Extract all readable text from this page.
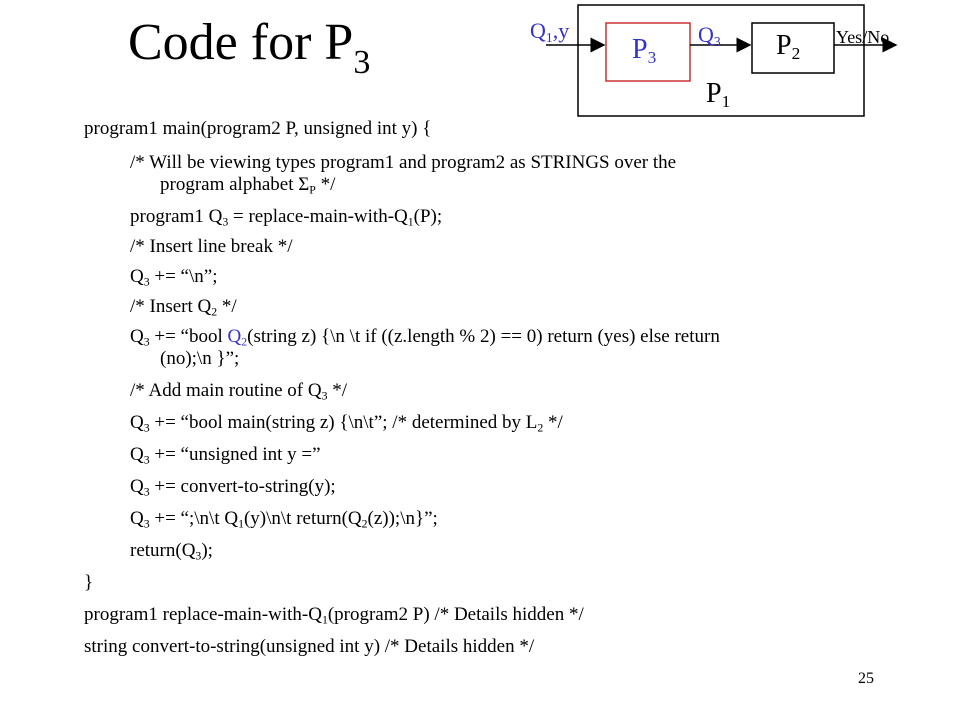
Code for $P_3$
$Q_1,y$	$Q_3$
$P_3$	$P_2$
$P_1$
Yes/No
program1 main(program2 P, unsigned int y) {
/* Will be viewing types program1 and program2 as STRINGS over the
program alphabet $\Sigma_P$ */
program1 $Q_3$ = replace-$main-with-Q_1(P)$;
/* Insert line break */
$Q_3$ += “\n”;
/* Insert $Q_2$ */
$Q_3$ += “bool $Q_2(string$ z) {\n \t if ((z.length % 2) == 0) return (yes) else return
(no);\n }”;
/* Add main routine of $Q_3$ */
$Q_3$ += “bool main(string z) {\n\t”; /* determined by $L_2$ */
$Q_3$ += “unsigned int y =”
$Q_3$ += convert-to-string(y);
$Q_3$ += “;\n\t $Q_1(y)\backslash n\backslash t$ $return(Q_2(z));\backslash n$}”;
$return(Q_3)$;
}
program1 replace-$main-with-Q_1(program2$ P) /* Details hidden */
string convert-to-string(unsigned int y) /* Details hidden */
25
